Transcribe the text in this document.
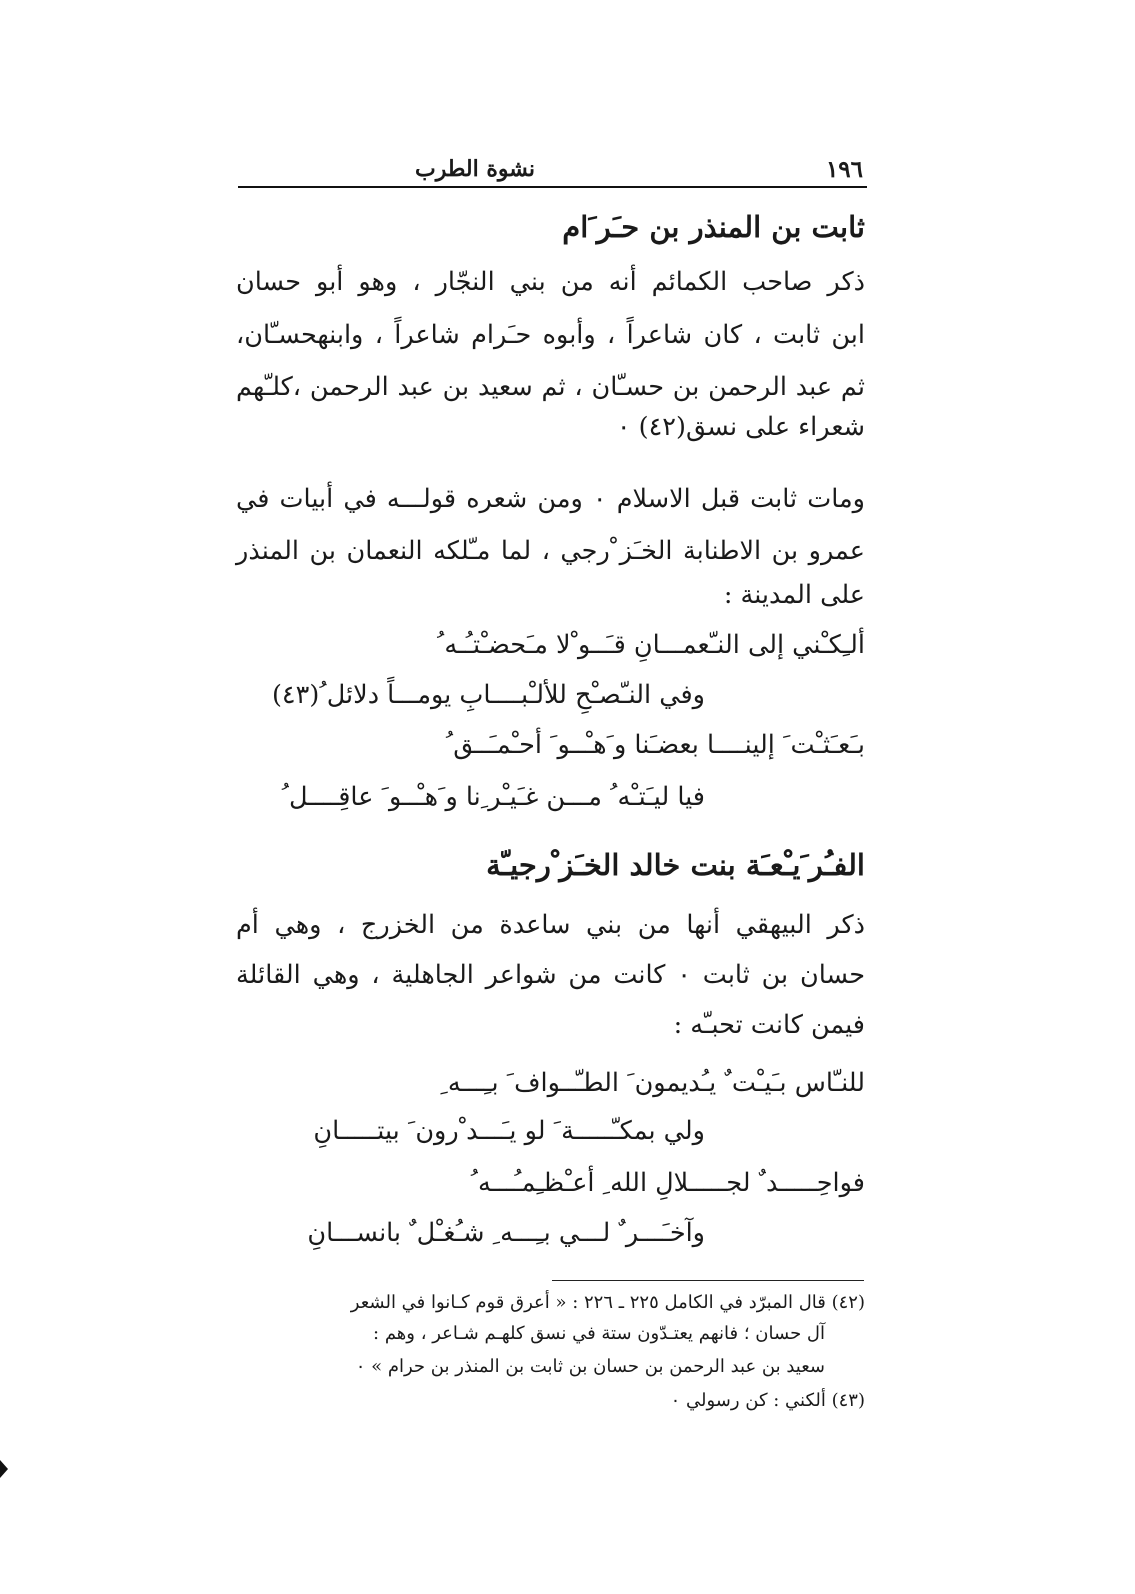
١٩٦
نشوة الطرب
ثابت بن المنذر بن حـَر َام
ذكر صاحب الكمائم أنه من بني النجّار ، وهو أبو حسان
ابن ثابت ، كان شاعراً ، وأبوه حـَرام شاعراً ، وابنهحسـّان،
ثم عبد الرحمن بن حسـّان ، ثم سعيد بن عبد الرحمن ،كلـّهم
شعراء على نسق(٤٢) ٠
ومات ثابت قبل الاسلام ٠ ومن شعره قولـــه في أبيات في
عمرو بن الاطنابة الخـَز ْرجي ، لما مـّلكه النعمان بن المنذر
على المدينة :
ألـِكـْني إلى النـّعمـــانِ قـَــو ْلا مـَحضـْتـُـه ُ
وفي النـّصـْحِ للألـْبــــابِ يومـــاً دلائل ُ(٤٣)
بـَعـَثـْت َ إلينــــا بعضـَنا و َهـْــو َ أحـْمـَــق ُ
فيا ليـَتـْه ُ مـــن غـَيـْر ِنا و َهـْــو َ عاقِــــل ُ
الفـُر َيـْعـَة بنت خالد الخـَز ْرجيـّة
ذكر البيهقي أنها من بني ساعدة من الخزرج ، وهي أم
حسان بن ثابت ٠ كانت من شواعر الجاهلية ، وهي القائلة
فيمن كانت تحبـّه :
للنـّاس بـَيـْت ٌ يـُديمون َ الطـّــواف َ بـِـــه ِ
ولي بمكـّـــــة َ لو يـَـــد ْرون َ بيتـــــانِ
فواحِـــــد ٌ لجـــــلالِ الله ِ أعـْظـِمـُـــه ُ
وآخـَـــر ٌ لـــي بـِـــه ِ شـُغـْل ٌ بانســـانِ
(٤٢) قال المبرّد في الكامل ٢٢٥ ـ ٢٢٦ : « أعرق قوم كـانوا في الشعر
آل حسان ؛ فانهم يعتـدّون ستة في نسق كلهـم شـاعر ، وهم :
سعيد بن عبد الرحمن بن حسان بن ثابت بن المنذر بن حرام » ٠
(٤٣) ألكني : كن رسولي ٠
